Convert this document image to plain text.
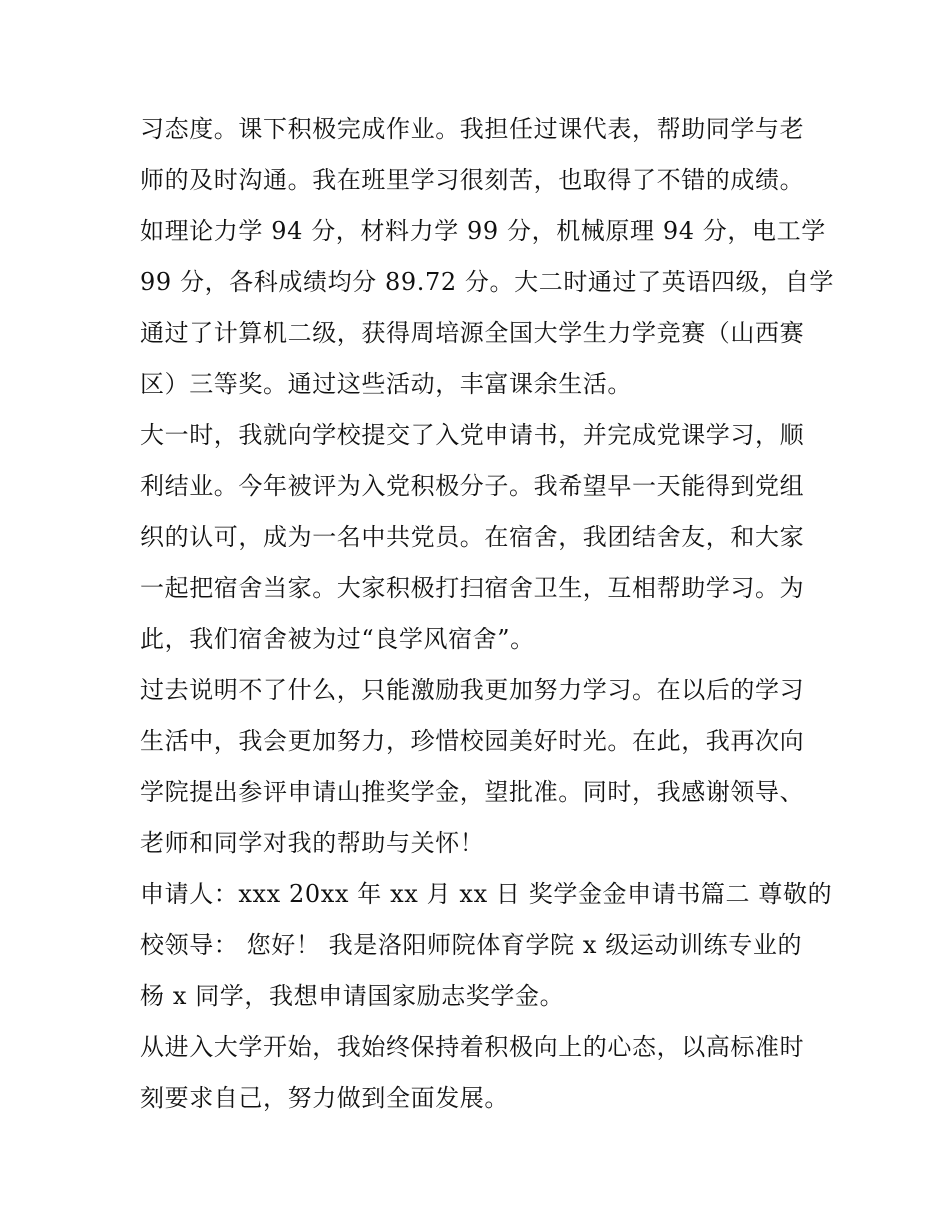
习态度。课下积极完成作业。我担任过课代表，帮助同学与老
师的及时沟通。我在班里学习很刻苦，也取得了不错的成绩。
如理论力学 94 分，材料力学 99 分，机械原理 94 分，电工学
99 分，各科成绩均分 89.72 分。大二时通过了英语四级，自学
通过了计算机二级，获得周培源全国大学生力学竞赛（山西赛
区）三等奖。通过这些活动，丰富课余生活。
大一时，我就向学校提交了入党申请书，并完成党课学习，顺
利结业。今年被评为入党积极分子。我希望早一天能得到党组
织的认可，成为一名中共党员。在宿舍，我团结舍友，和大家
一起把宿舍当家。大家积极打扫宿舍卫生，互相帮助学习。为
此，我们宿舍被为过“良学风宿舍”。
过去说明不了什么，只能激励我更加努力学习。在以后的学习
生活中，我会更加努力，珍惜校园美好时光。在此，我再次向
学院提出参评申请山推奖学金，望批准。同时，我感谢领导、
老师和同学对我的帮助与关怀！
申请人：xxx 20xx 年 xx 月 xx 日 奖学金金申请书篇二 尊敬的
校领导： 您好！ 我是洛阳师院体育学院 x 级运动训练专业的
杨 x 同学，我想申请国家励志奖学金。
从进入大学开始，我始终保持着积极向上的心态，以高标准时
刻要求自己，努力做到全面发展。
